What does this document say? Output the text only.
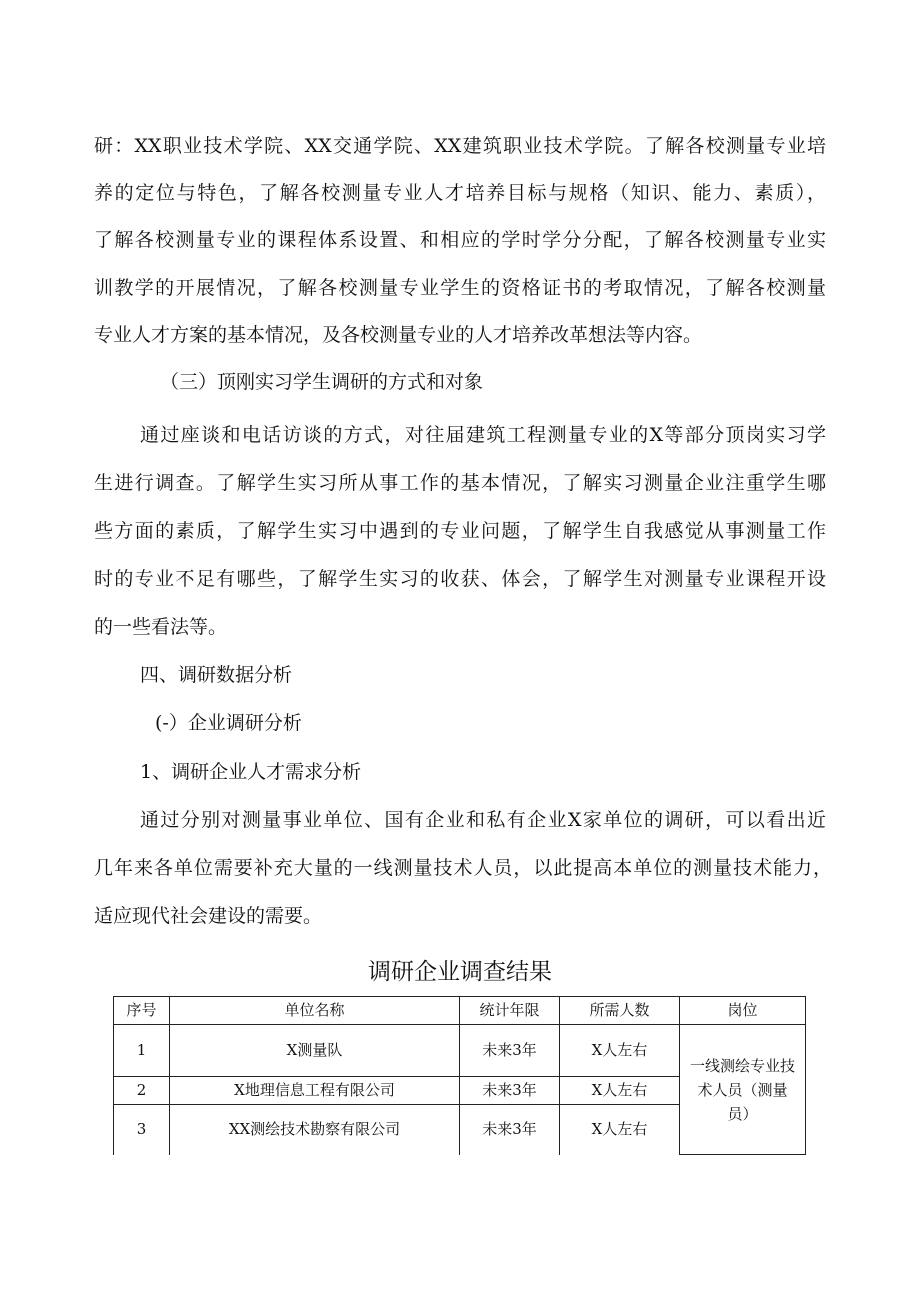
研：XX职业技术学院、XX交通学院、XX建筑职业技术学院。了解各校测量专业培
养的定位与特色，了解各校测量专业人才培养目标与规格（知识、能力、素质），
了解各校测量专业的课程体系设置、和相应的学时学分分配，了解各校测量专业实
训教学的开展情况，了解各校测量专业学生的资格证书的考取情况，了解各校测量
专业人才方案的基本情况，及各校测量专业的人才培养改革想法等内容。
（三）顶刚实习学生调研的方式和对象
通过座谈和电话访谈的方式，对往届建筑工程测量专业的X等部分顶岗实习学
生进行调查。了解学生实习所从事工作的基本情况，了解实习测量企业注重学生哪
些方面的素质，了解学生实习中遇到的专业问题，了解学生自我感觉从事测量工作
时的专业不足有哪些，了解学生实习的收获、体会，了解学生对测量专业课程开设
的一些看法等。
四、调研数据分析
(-）企业调研分析
1、调研企业人才需求分析
通过分别对测量事业单位、国有企业和私有企业X家单位的调研，可以看出近
几年来各单位需要补充大量的一线测量技术人员，以此提高本单位的测量技术能力，
适应现代社会建设的需要。
调研企业调查结果
序号	单位名称	统计年限	所需人数	岗位
1	X测量队	未来3年	X人左右	一线测绘专业技术人员（测量员）
2	X地理信息工程有限公司	未来3年	X人左右	
3	XX测绘技术勘察有限公司	未来3年	X人左右	
